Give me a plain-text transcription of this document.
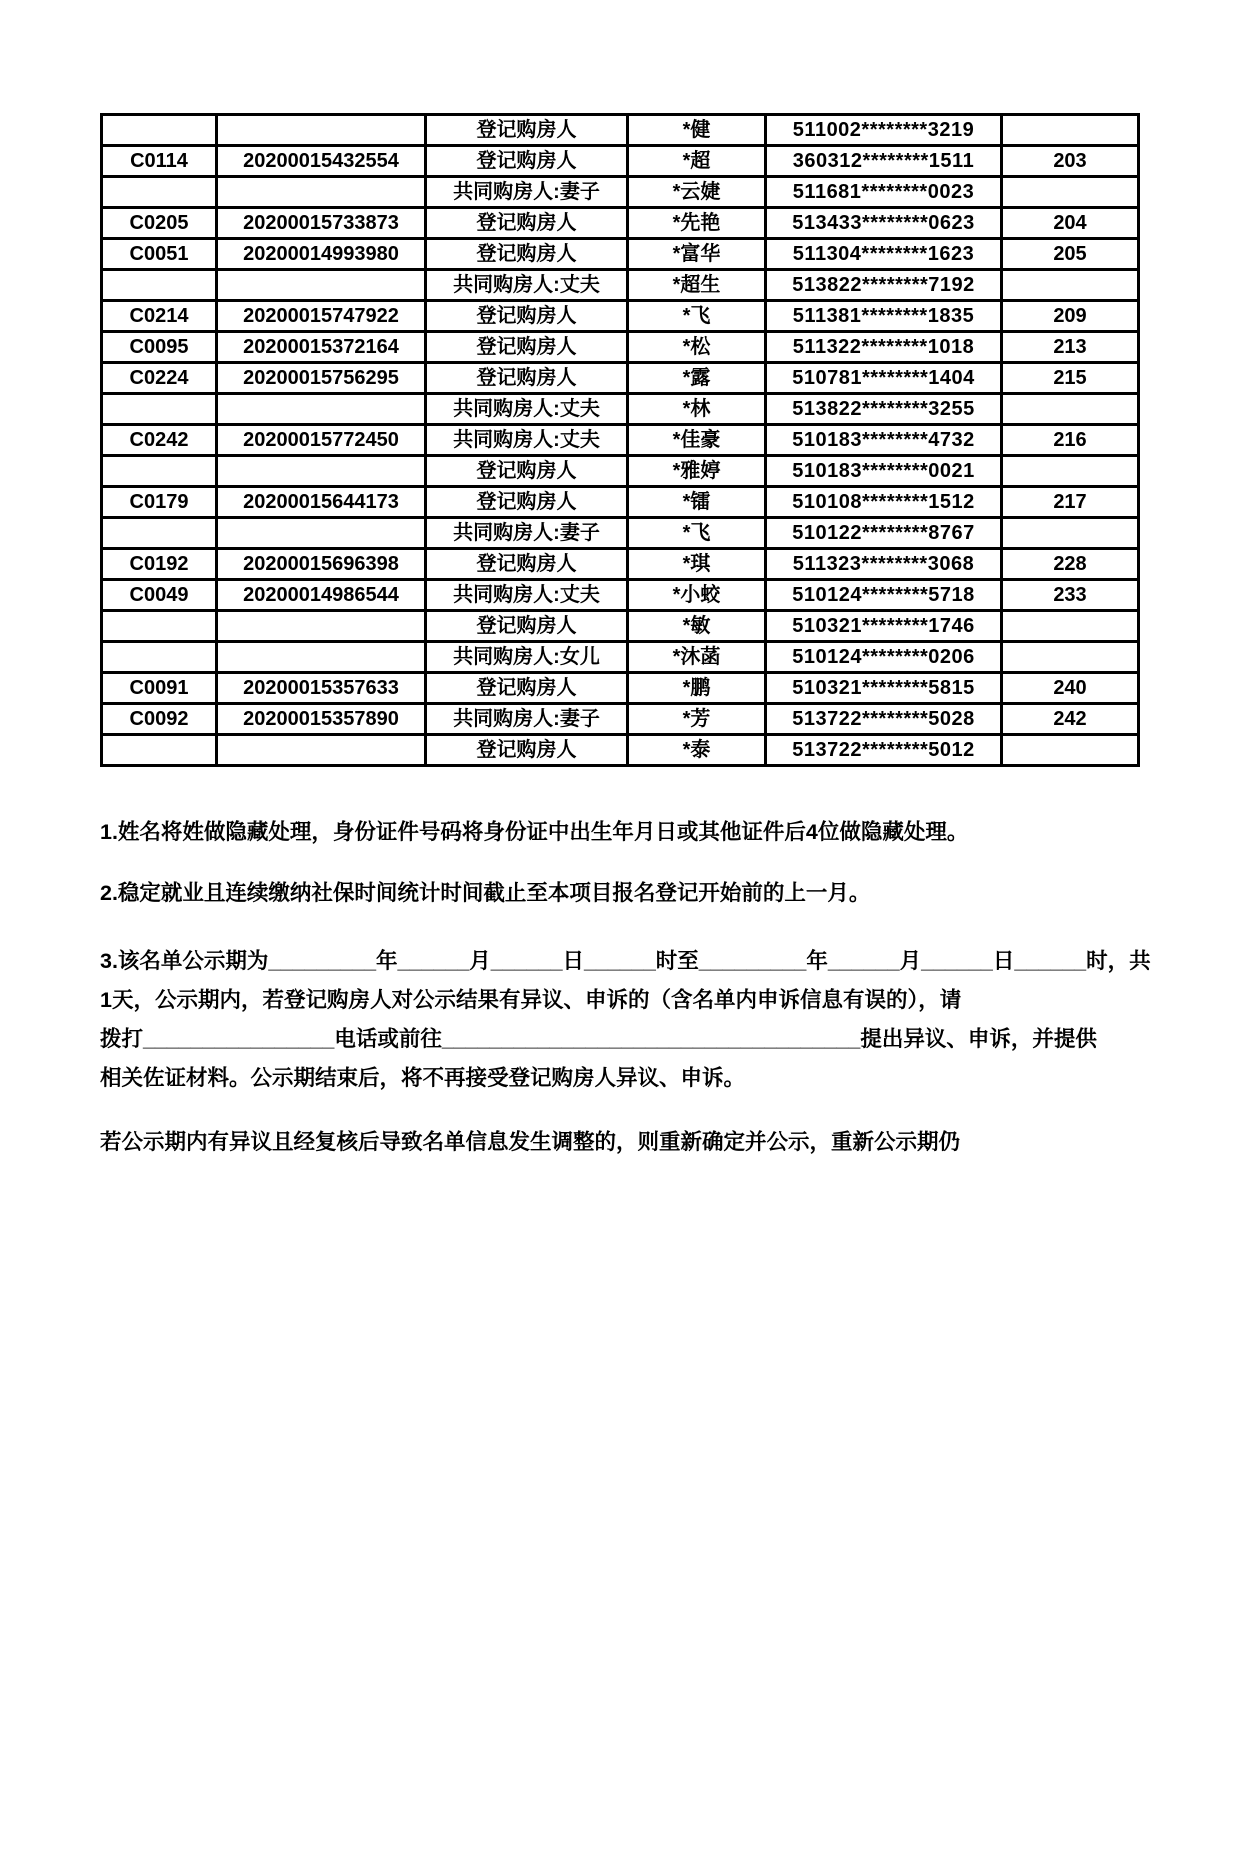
		登记购房人	*健	511002********3219	
C0114	20200015432554	登记购房人	*超	360312********1511	203
		共同购房人:妻子	*云婕	511681********0023	
C0205	20200015733873	登记购房人	*先艳	513433********0623	204
C0051	20200014993980	登记购房人	*富华	511304********1623	205
		共同购房人:丈夫	*超生	513822********7192	
C0214	20200015747922	登记购房人	*飞	511381********1835	209
C0095	20200015372164	登记购房人	*松	511322********1018	213
C0224	20200015756295	登记购房人	*露	510781********1404	215
		共同购房人:丈夫	*林	513822********3255	
C0242	20200015772450	共同购房人:丈夫	*佳豪	510183********4732	216
		登记购房人	*雅婷	510183********0021	
C0179	20200015644173	登记购房人	*镭	510108********1512	217
		共同购房人:妻子	*飞	510122********8767	
C0192	20200015696398	登记购房人	*琪	511323********3068	228
C0049	20200014986544	共同购房人:丈夫	*小蛟	510124********5718	233
		登记购房人	*敏	510321********1746	
		共同购房人:女儿	*沐菡	510124********0206	
C0091	20200015357633	登记购房人	*鹏	510321********5815	240
C0092	20200015357890	共同购房人:妻子	*芳	513722********5028	242
		登记购房人	*泰	513722********5012	

1.姓名将姓做隐藏处理，身份证件号码将身份证中出生年月日或其他证件后4位做隐藏处理。

2.稳定就业且连续缴纳社保时间统计时间截止至本项目报名登记开始前的上一月。

3.该名单公示期为_________年______月______日______时至_________年______月______日______时，共

1天，公示期内，若登记购房人对公示结果有异议、申诉的（含名单内申诉信息有误的），请

拨打________________电话或前往___________________________________提出异议、申诉，并提供

相关佐证材料。公示期结束后，将不再接受登记购房人异议、申诉。

若公示期内有异议且经复核后导致名单信息发生调整的，则重新确定并公示，重新公示期仍
